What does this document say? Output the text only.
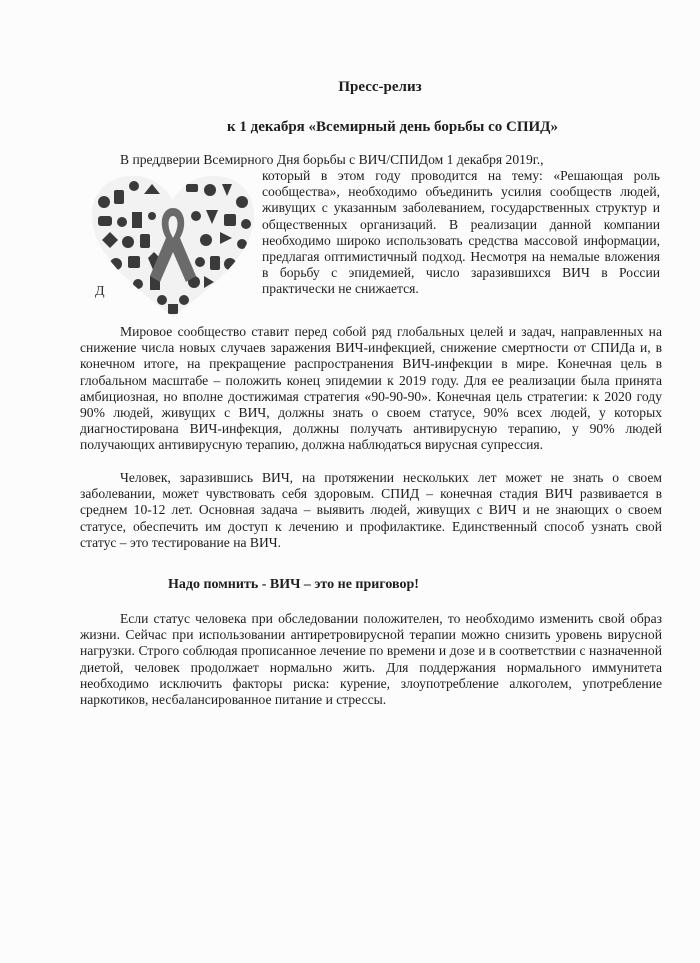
Пресс-релиз
к 1 декабря «Всемирный день борьбы со СПИД»
Д
В преддверии Всемирного Дня борьбы с ВИЧ/СПИДом 1 декабря 2019г.,
который в этом году проводится на тему: «Решающая роль сообщества», необходимо объединить усилия сообществ людей, живущих с указанным заболеванием, государственных структур и общественных организаций. В реализации данной компании необходимо широко использовать средства массовой информации, предлагая оптимистичный подход. Несмотря на немалые вложения в борьбу с эпидемией, число заразившихся ВИЧ в России практически не снижается.
Мировое сообщество ставит перед собой ряд глобальных целей и задач, направленных на снижение числа новых случаев заражения ВИЧ-инфекцией, снижение смертности от СПИДа и, в конечном итоге, на прекращение распространения ВИЧ-инфекции в мире. Конечная цель в глобальном масштабе – положить конец эпидемии к 2019 году. Для ее реализации была принята амбициозная, но вполне достижимая стратегия «90-90-90». Конечная цель стратегии: к 2020 году 90% людей, живущих с ВИЧ, должны знать о своем статусе, 90% всех людей, у которых диагностирована ВИЧ-инфекция, должны получать антивирусную терапию, у 90% людей получающих антивирусную терапию, должна наблюдаться вирусная супрессия.
Человек, заразившись ВИЧ, на протяжении нескольких лет может не знать о своем заболевании, может чувствовать себя здоровым. СПИД – конечная стадия ВИЧ развивается в среднем 10-12 лет. Основная задача – выявить людей, живущих с ВИЧ и не знающих о своем статусе, обеспечить им доступ к лечению и профилактике. Единственный способ узнать свой статус – это тестирование на ВИЧ.
Надо помнить - ВИЧ – это не приговор!
Если статус человека при обследовании положителен, то необходимо изменить свой образ жизни. Сейчас при использовании антиретровирусной терапии можно снизить уровень вирусной нагрузки. Строго соблюдая прописанное лечение по времени и дозе и в соответствии с назначенной диетой, человек продолжает нормально жить. Для поддержания нормального иммунитета необходимо исключить факторы риска: курение, злоупотребление алкоголем, употребление наркотиков, несбалансированное питание и стрессы.
